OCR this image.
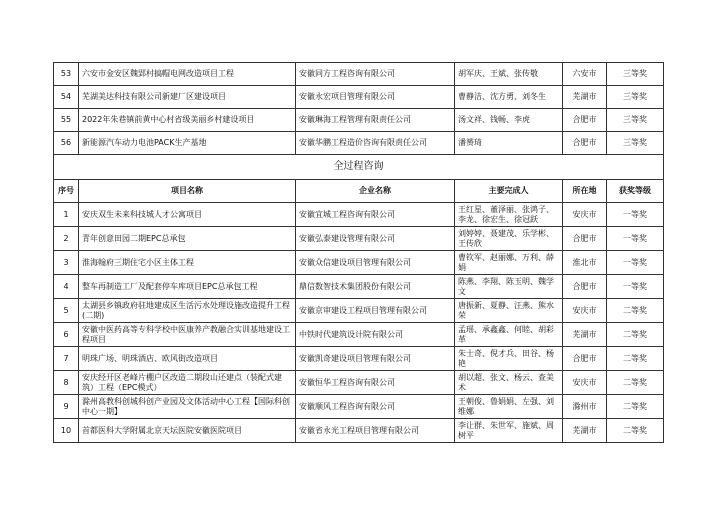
53	六安市金安区魏郢村搞帽电网改造项目工程	安徽同方工程咨询有限公司	胡军庆、王斌、张传敬	六安市	三等奖
54	芜湖美达科技有限公司新建厂区建设项目	安徽永宏项目管理有限公司	曹静洁、沈方勇、刘冬生	芜湖市	三等奖
55	2022年朱巷镇前黄中心村省级美丽乡村建设项目	安徽琳海工程管理有限责任公司	汤文祥、钱畅、李虎	合肥市	三等奖
56	新能源汽车动力电池PACK生产基地	安徽华鹏工程造价咨询有限责任公司	潘赟琦	合肥市	三等奖
全过程咨询					
序号	项目名称	企业名称	主要完成人	所在地	获奖等级
1	安庆双生未来科技城人才公寓项目	安徽宜城工程咨询有限公司	王红星、董泽丽、张鸿子、李龙、徐宏生、徐冠跃	安庆市	一等奖
2	青年创意田园二期EPC总承包	安徽弘泰建设管理有限公司	刘婷婷、聂建茂、乐学彬、王传欣	合肥市	一等奖
3	淮海翰府三期住宅小区主体工程	安徽众信建设项目管理有限公司	曹钦军、赵丽娜、万利、薛娟	淮北市	一等奖
4	整车再制造工厂及配套停车库项目EPC总承包工程	鼎信数智技术集团股份有限公司	陈燕、李翔、陈玉明、魏学文	合肥市	一等奖
5	太湖县乡镇政府驻地建成区生活污水处理设施改造提升工程(二期)	安徽京审建设工程项目管理有限公司	唐振新、夏静、汪燕、熊水荣	安庆市	二等奖
6	安徽中医药高等专科学校中医康养产教融合实训基地建设工程项目	中铁时代建筑设计院有限公司	孟瑶、承鑫鑫、何睦、胡彩革	芜湖市	二等奖
7	明珠广场、明珠酒店、欧风街改造项目	安徽凯奇建设项目管理有限公司	朱士奇、倪才兵、田谷、杨艳	合肥市	二等奖
8	安庆经开区老峰片棚户区改造二期段山还建点（装配式建筑）工程（EPC模式）	安徽恒华工程咨询有限公司	胡以超、张文、杨云、查美术	安庆市	二等奖
9	滁州高教科创城科创产业园及文体活动中心工程【国际科创中心一期】	安徽顺风工程咨询有限公司	王朝俊、鲁娟娟、左强、刘维娜	滁州市	二等奖
10	首都医科大学附属北京天坛医院安徽医院项目	安徽省永光工程项目管理有限公司	李让群、朱世军、施斌、周树平	芜湖市	二等奖
